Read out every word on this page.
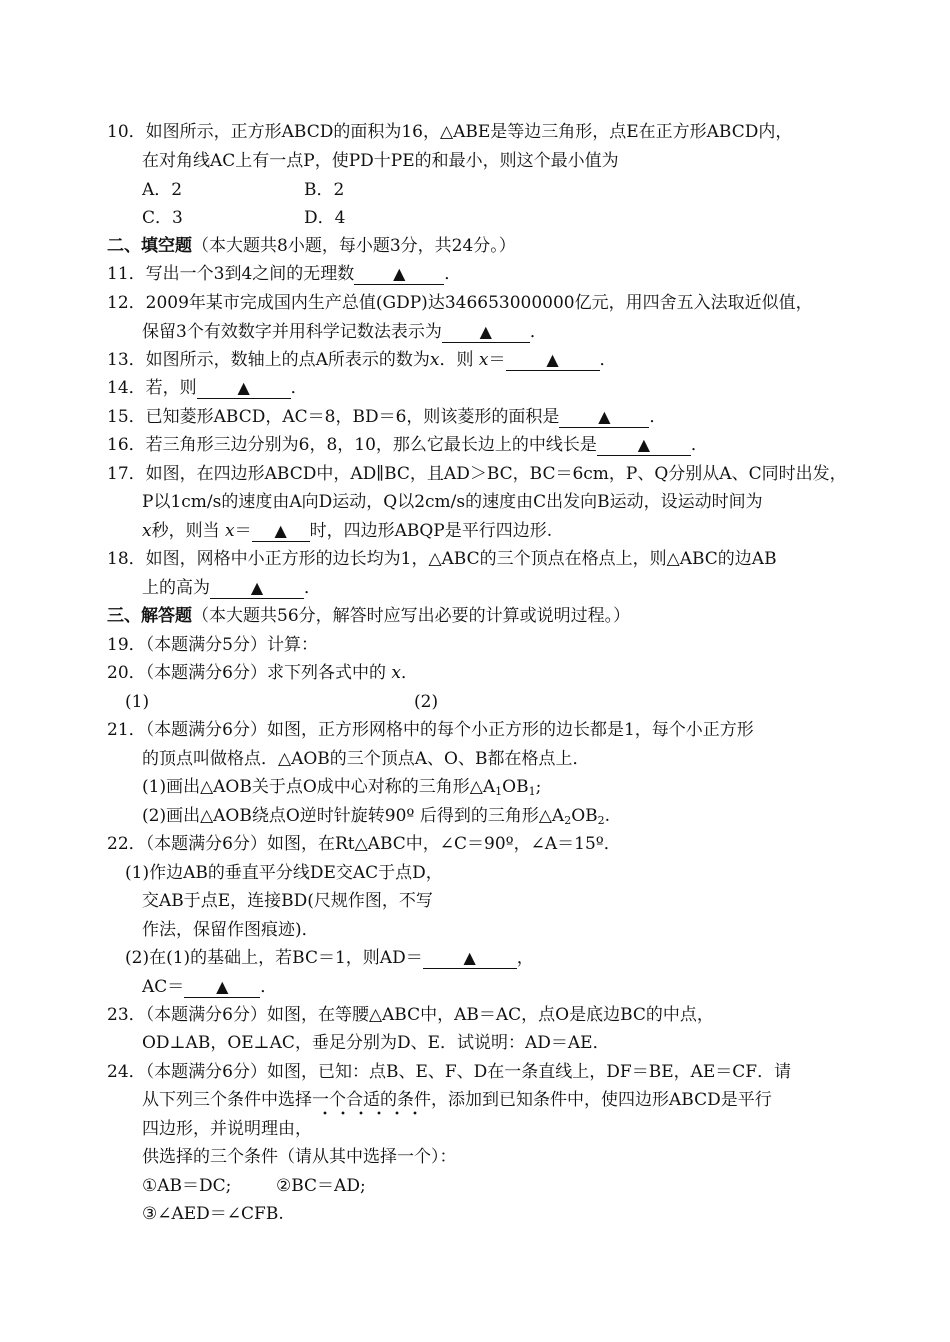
10．如图所示，正方形ABCD的面积为16，△ABE是等边三角形，点E在正方形ABCD内，
在对角线AC上有一点P，使PD十PE的和最小，则这个最小值为
A．2	B．2
C．3	D．4
二、填空题（本大题共8小题，每小题3分，共24分。）
11．写出一个3到4之间的无理数 ▲ ．
12．2009年某市完成国内生产总值(GDP)达346653000000亿元，用四舍五入法取近似值，
保留3个有效数字并用科学记数法表示为 ▲ ．
13．如图所示，数轴上的点A所表示的数为x．则 x＝	▲ ．
14．若，则	▲ ．
15．已知菱形ABCD，AC＝8，BD＝6，则该菱形的面积是 ▲ ．
16．若三角形三边分别为6，8，10，那么它最长边上的中线长是	▲ ．
17．如图，在四边形ABCD中，AD∥BC，且AD＞BC，BC＝6cm，P、Q分别从A、C同时出发，
P以1cm/s的速度由A向D运动，Q以2cm/s的速度由C出发向B运动，设运动时间为
x秒，则当 x＝ ▲ 时，四边形ABQP是平行四边形.
18．如图，网格中小正方形的边长均为1，△ABC的三个顶点在格点上，则△ABC的边AB
上的高为	▲ ．
三、解答题（本大题共56分，解答时应写出必要的计算或说明过程。）
19．（本题满分5分）计算：
20．（本题满分6分）求下列各式中的 x．
(1)	(2)
21．（本题满分6分）如图，正方形网格中的每个小正方形的边长都是1，每个小正方形
的顶点叫做格点．△AOB的三个顶点A、O、B都在格点上．
(1)画出△AOB关于点O成中心对称的三角形$\triangle A_1OB_1$;
(2)画出△AOB绕点O逆时针旋转90º 后得到的三角形$\triangle A_2OB_2$.
22．（本题满分6分）如图，在Rt△ABC中，∠C＝90º，∠A＝15º．
(1)作边AB的垂直平分线DE交AC于点D，
交AB于点E，连接BD(尺规作图，不写
作法，保留作图痕迹)．
(2)在(1)的基础上，若BC＝1，则AD＝	▲ ，
AC＝ ▲ ．
23．（本题满分6分）如图，在等腰△ABC中，AB＝AC，点O是底边BC的中点，
OD⊥AB，OE⊥AC，垂足分别为D、E．试说明：AD＝AE．
24．（本题满分6分）如图，已知：点B、E、F、D在一条直线上，DF＝BE，AE＝CF．请
从下列三个条件中选择一个合适的条件，添加到已知条件中，使四边形ABCD是平行
四边形，并说明理由，
供选择的三个条件（请从其中选择一个）：
①AB＝DC;	②BC＝AD;
③∠AED＝∠CFB.
